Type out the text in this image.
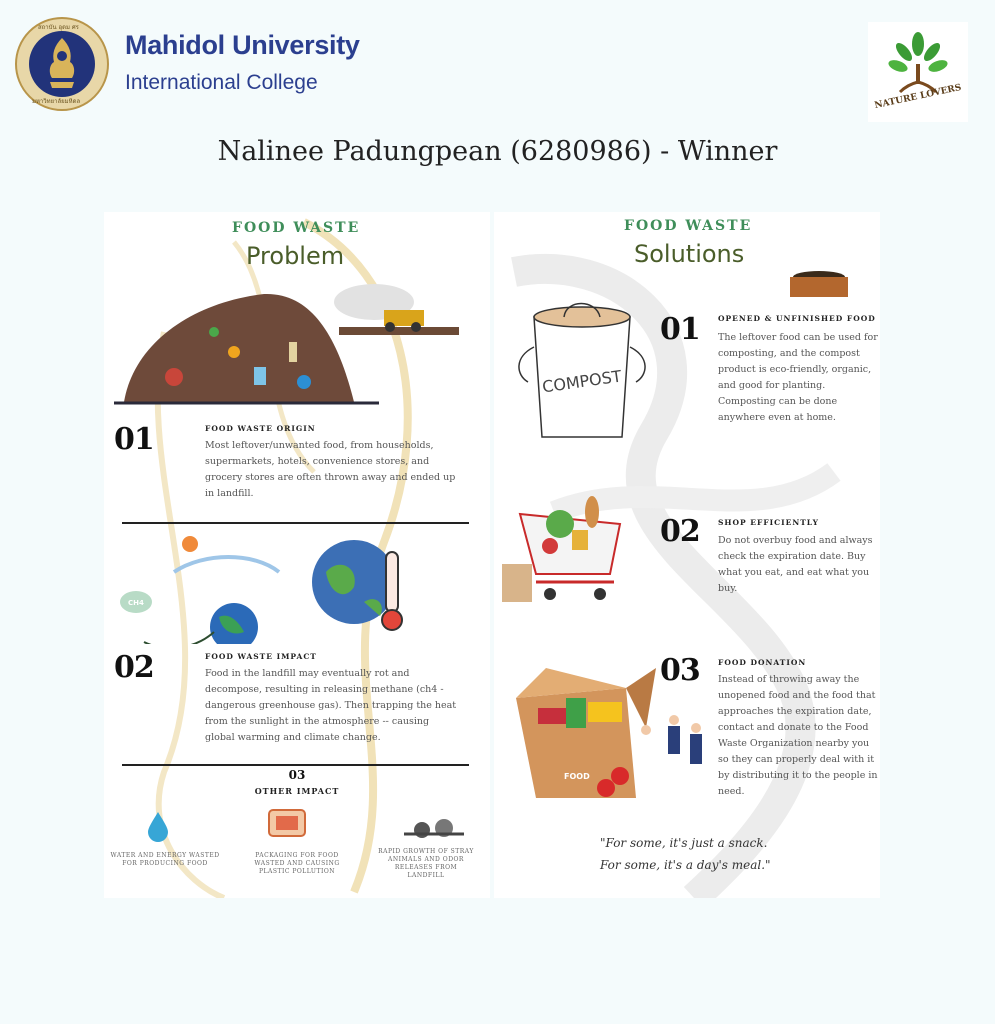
สถาบัน อุดม ศร
มหาวิทยาลัยมหิดล
Mahidol University
International College
NATURE LOVERS
Nalinee Padungpean (6280986) - Winner
FOOD WASTE
Problem
01	FOOD WASTE ORIGIN
Most leftover/unwanted food, from households, supermarkets, hotels, convenience stores, and grocery stores are often thrown away and ended up in landfill.
CH4
02	FOOD WASTE IMPACT
Food in the landfill may eventually rot and decompose, resulting in releasing methane (ch4 - dangerous greenhouse gas). Then trapping the heat from the sunlight in the atmosphere -- causing global warming and climate change.
03
OTHER IMPACT
WATER AND ENERGY WASTED FOR PRODUCING FOOD
PACKAGING FOR FOOD WASTED AND CAUSING PLASTIC POLLUTION
RAPID GROWTH OF STRAY ANIMALS AND ODOR RELEASES FROM LANDFILL
FOOD WASTE
Solutions
COMPOST
01 OPENED & UNFINISHED FOOD
The leftover food can be used for composting, and the compost product is eco-friendly, organic, and good for planting. Composting can be done anywhere even at home.
02 SHOP EFFICIENTLY
Do not overbuy food and always check the expiration date. Buy what you eat, and eat what you buy.
FOOD
03 FOOD DONATION
Instead of throwing away the unopened food and the food that approaches the expiration date, contact and donate to the Food Waste Organization nearby you so they can properly deal with it by distributing it to the people in need.
"For some, it's just a snack.
For some, it's a day's meal."
